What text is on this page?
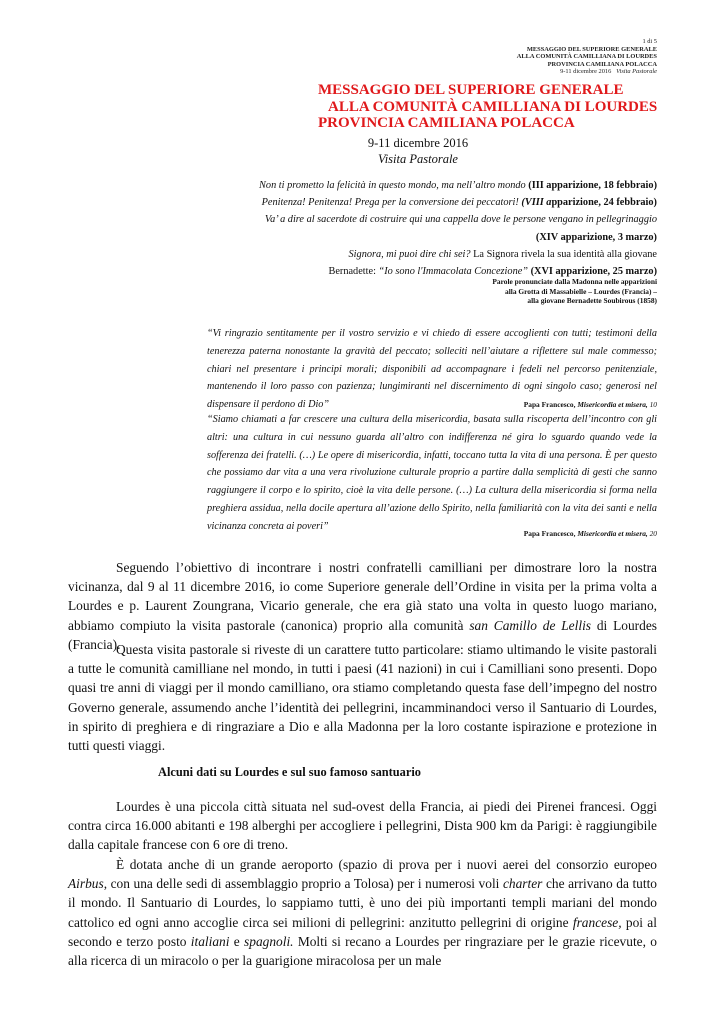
1 di 5
MESSAGGIO DEL SUPERIORE GENERALE
ALLA COMUNITÀ CAMILLIANA DI LOURDES
PROVINCIA CAMILIANA POLACCA
9-11 dicembre 2016 Visita Pastorale
MESSAGGIO DEL SUPERIORE GENERALE
ALLA COMUNITÀ CAMILLIANA DI LOURDES
PROVINCIA CAMILIANA POLACCA
9-11 dicembre 2016
Visita Pastorale
Non ti prometto la felicità in questo mondo, ma nell’altro mondo (III apparizione, 18 febbraio)
Penitenza! Penitenza! Prega per la conversione dei peccatori! (VIII apparizione, 24 febbraio)
Va’ a dire al sacerdote di costruire qui una cappella dove le persone vengano in pellegrinaggio
(XIV apparizione, 3 marzo)
Signora, mi puoi dire chi sei? La Signora rivela la sua identità alla giovane
Bernadette: “Io sono l'Immacolata Concezione” (XVI apparizione, 25 marzo)
Parole pronunciate dalla Madonna nelle apparizioni
alla Grotta di Massabielle – Lourdes (Francia) –
alla giovane Bernadette Soubirous (1858)
“Vi ringrazio sentitamente per il vostro servizio e vi chiedo di essere accoglienti con tutti; testimoni della tenerezza paterna nonostante la gravità del peccato; solleciti nell’aiutare a riflettere sul male commesso; chiari nel presentare i principi morali; disponibili ad accompagnare i fedeli nel percorso penitenziale, mantenendo il loro passo con pazienza; lungimiranti nel discernimento di ogni singolo caso; generosi nel dispensare il perdono di Dio”	Papa Francesco, Misericordia et misera, 10
“Siamo chiamati a far crescere una cultura della misericordia, basata sulla riscoperta dell’incontro con gli altri: una cultura in cui nessuno guarda all’altro con indifferenza né gira lo sguardo quando vede la sofferenza dei fratelli. (…) Le opere di misericordia, infatti, toccano tutta la vita di una persona. È per questo che possiamo dar vita a una vera rivoluzione culturale proprio a partire dalla semplicità di gesti che sanno raggiungere il corpo e lo spirito, cioè la vita delle persone. (…) La cultura della misericordia si forma nella preghiera assidua, nella docile apertura all’azione dello Spirito, nella familiarità con la vita dei santi e nella vicinanza concreta ai poveri”
Papa Francesco, Misericordia et misera, 20
Seguendo l’obiettivo di incontrare i nostri confratelli camilliani per dimostrare loro la nostra vicinanza, dal 9 al 11 dicembre 2016, io come Superiore generale dell’Ordine in visita per la prima volta a Lourdes e p. Laurent Zoungrana, Vicario generale, che era già stato una volta in questo luogo mariano, abbiamo compiuto la visita pastorale (canonica) proprio alla comunità san Camillo de Lellis di Lourdes (Francia).
Questa visita pastorale si riveste di un carattere tutto particolare: stiamo ultimando le visite pastorali a tutte le comunità camilliane nel mondo, in tutti i paesi (41 nazioni) in cui i Camilliani sono presenti. Dopo quasi tre anni di viaggi per il mondo camilliano, ora stiamo completando questa fase dell’impegno del nostro Governo generale, assumendo anche l’identità dei pellegrini, incamminandoci verso il Santuario di Lourdes, in spirito di preghiera e di ringraziare a Dio e alla Madonna per la loro costante ispirazione e protezione in tutti questi viaggi.
Alcuni dati su Lourdes e sul suo famoso santuario
Lourdes è una piccola città situata nel sud-ovest della Francia, ai piedi dei Pirenei francesi. Oggi contra circa 16.000 abitanti e 198 alberghi per accogliere i pellegrini, Dista 900 km da Parigi: è raggiungibile dalla capitale francese con 6 ore di treno.
È dotata anche di un grande aeroporto (spazio di prova per i nuovi aerei del consorzio europeo Airbus, con una delle sedi di assemblaggio proprio a Tolosa) per i numerosi voli charter che arrivano da tutto il mondo. Il Santuario di Lourdes, lo sappiamo tutti, è uno dei più importanti templi mariani del mondo cattolico ed ogni anno accoglie circa sei milioni di pellegrini: anzitutto pellegrini di origine francese, poi al secondo e terzo posto italiani e spagnoli. Molti si recano a Lourdes per ringraziare per le grazie ricevute, o alla ricerca di un miracolo o per la guarigione miracolosa per un male
